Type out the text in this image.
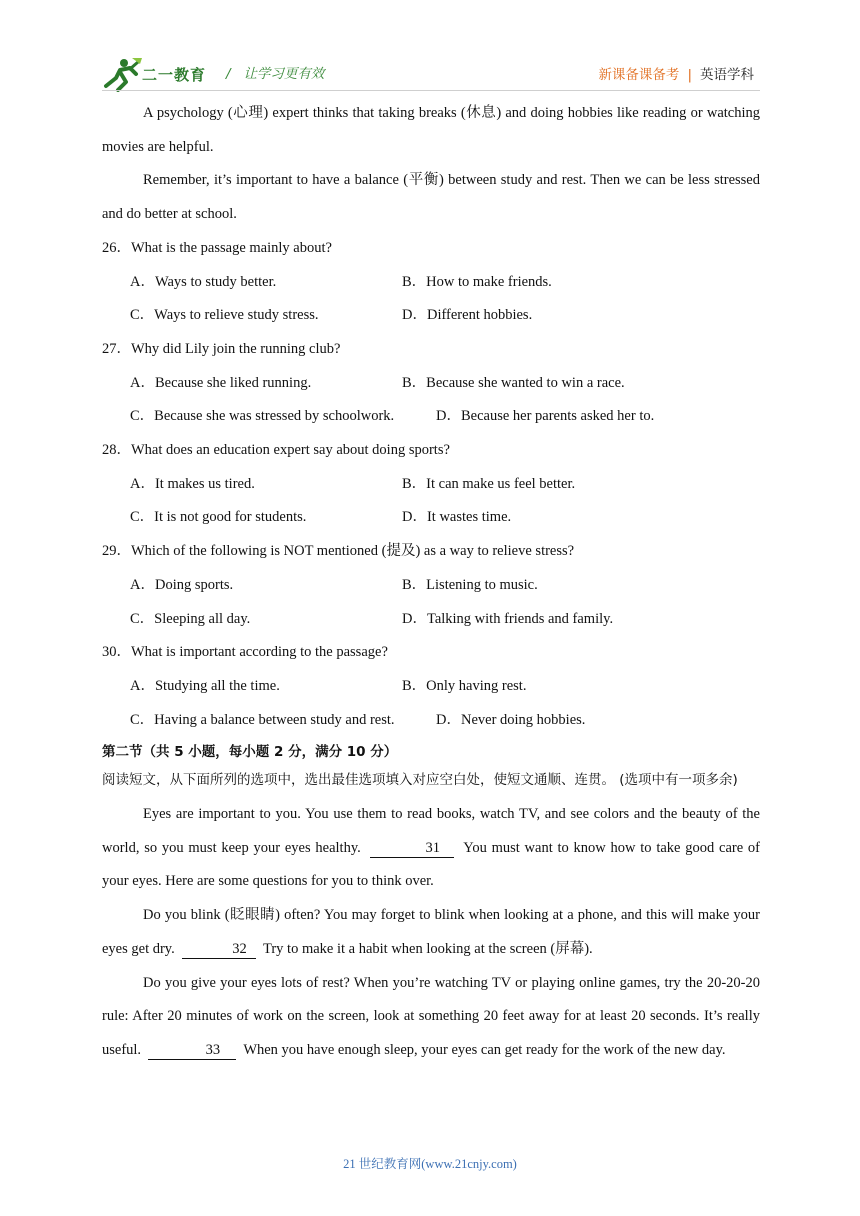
二一教育 /   让学习更有效	新课备课备考 | 英语学科

A psychology (心理) expert thinks that taking breaks (休息) and doing hobbies like reading or watching movies are helpful.

Remember, it’s important to have a balance (平衡) between study and rest. Then we can be less stressed and do better at school.

26．What is the passage mainly about?

A．Ways to study better.	B．How to make friends.
C．Ways to relieve study stress.	D．Different hobbies.

27．Why did Lily join the running club?

A．Because she liked running.	B．Because she wanted to win a race.
C．Because she was stressed by schoolwork.	D．Because her parents asked her to.

28．What does an education expert say about doing sports?

A．It makes us tired.	B．It can make us feel better.
C．It is not good for students.	D．It wastes time.

29．Which of the following is NOT mentioned (提及) as a way to relieve stress?

A．Doing sports.	B．Listening to music.
C．Sleeping all day.	D．Talking with friends and family.

30．What is important according to the passage?

A．Studying all the time.	B．Only having rest.
C．Having a balance between study and rest.	D．Never doing hobbies.

第二节（共 5 小题，每小题 2 分，满分 10 分）

阅读短文，从下面所列的选项中，选出最佳选项填入对应空白处，使短文通顺、连贯。 (选项中有一项多余)

Eyes are important to you. You use them to read books, watch TV, and see colors and the beauty of the world, so you must keep your eyes healthy.	31 You must want to know how to take good care of your eyes. Here are some questions for you to think over.

Do you blink (眨眼睛) often? You may forget to blink when looking at a phone, and this will make your eyes get dry.	32 Try to make it a habit when looking at the screen (屏幕).

Do you give your eyes lots of rest? When you’re watching TV or playing online games, try the 20-20-20 rule: After 20 minutes of work on the screen, look at something 20 feet away for at least 20 seconds. It’s really useful.	33 When you have enough sleep, your eyes can get ready for the work of the new day.

21 世纪教育网(www.21cnjy.com)
